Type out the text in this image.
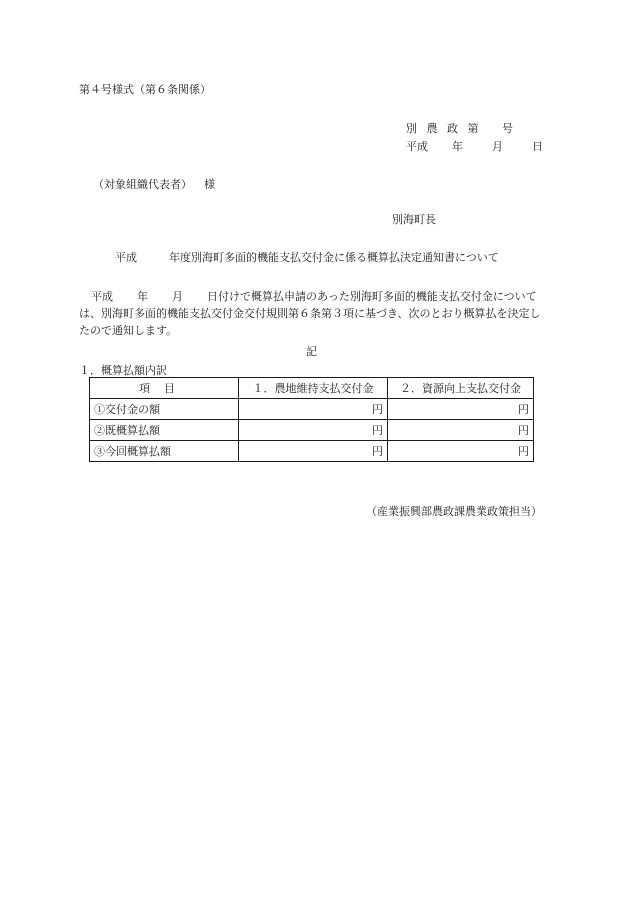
第４号様式（第６条関係）
別 農 政 第 号
平成 年	月	日
（対象組織代表者） 様
別海町長
平成	年度別海町多面的機能支払交付金に係る概算払決定通知書について
平成 年 月 日付けで概算払申請のあった別海町多面的機能支払交付金については、別海町多面的機能支払交付金交付規則第６条第３項に基づき、次のとおり概算払を決定したので通知します。
記
１．概算払額内訳
項目	１．農地維持支払交付金	２．資源向上支払交付金
①交付金の額	円	円
②既概算払額	円	円
③今回概算払額	円	円
（産業振興部農政課農業政策担当）
